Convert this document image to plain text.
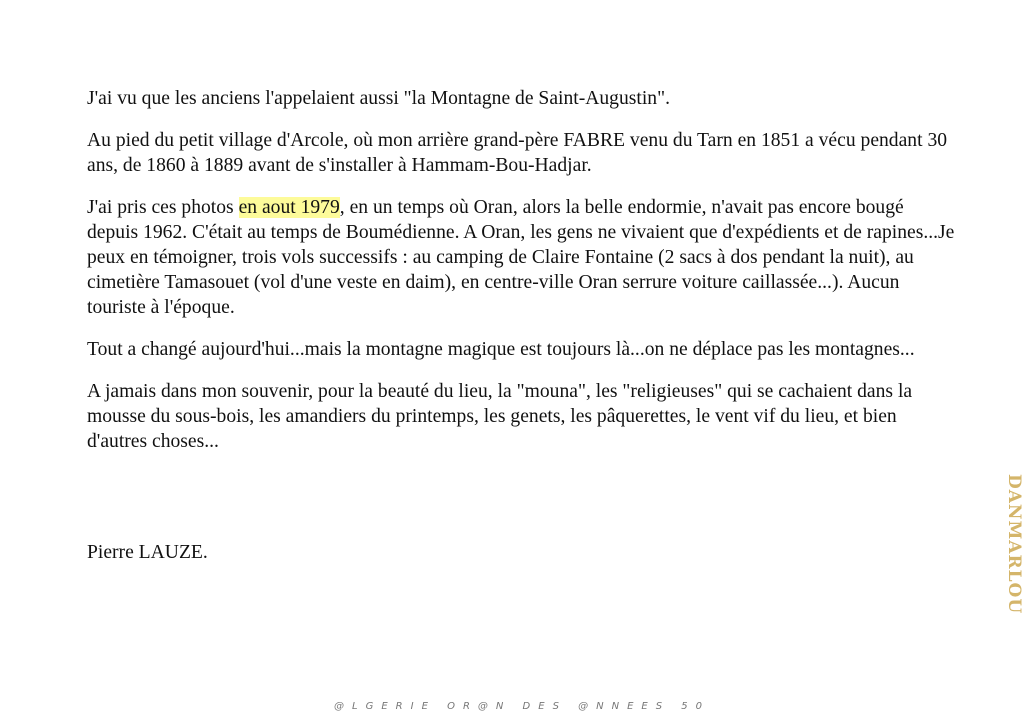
J'ai vu que les anciens l'appelaient aussi "la Montagne de Saint-Augustin".

Au pied du petit village d'Arcole, où mon arrière grand-père FABRE venu du Tarn en 1851 a vécu pendant 30 ans, de 1860 à 1889 avant de s'installer à Hammam-Bou-Hadjar.

J'ai pris ces photos en aout 1979, en un temps où Oran, alors la belle endormie, n'avait pas encore bougé depuis 1962. C'était au temps de Boumédienne. A Oran, les gens ne vivaient que d'expédients et de rapines...Je peux en témoigner, trois vols successifs : au camping de Claire Fontaine (2 sacs à dos pendant la nuit), au cimetière Tamasouet (vol d'une veste en daim), en centre-ville Oran serrure voiture caillassée...). Aucun touriste à l'époque.

Tout a changé aujourd'hui...mais la montagne magique est toujours là...on ne déplace pas les montagnes...

A jamais dans mon souvenir, pour la beauté du lieu, la "mouna", les "religieuses" qui se cachaient dans la mousse du sous-bois, les amandiers du printemps, les genets, les pâquerettes, le vent vif du lieu, et bien d'autres choses...

Pierre LAUZE.

@LGERIE OR@N DES @NNEES 50
DANMARLOU
